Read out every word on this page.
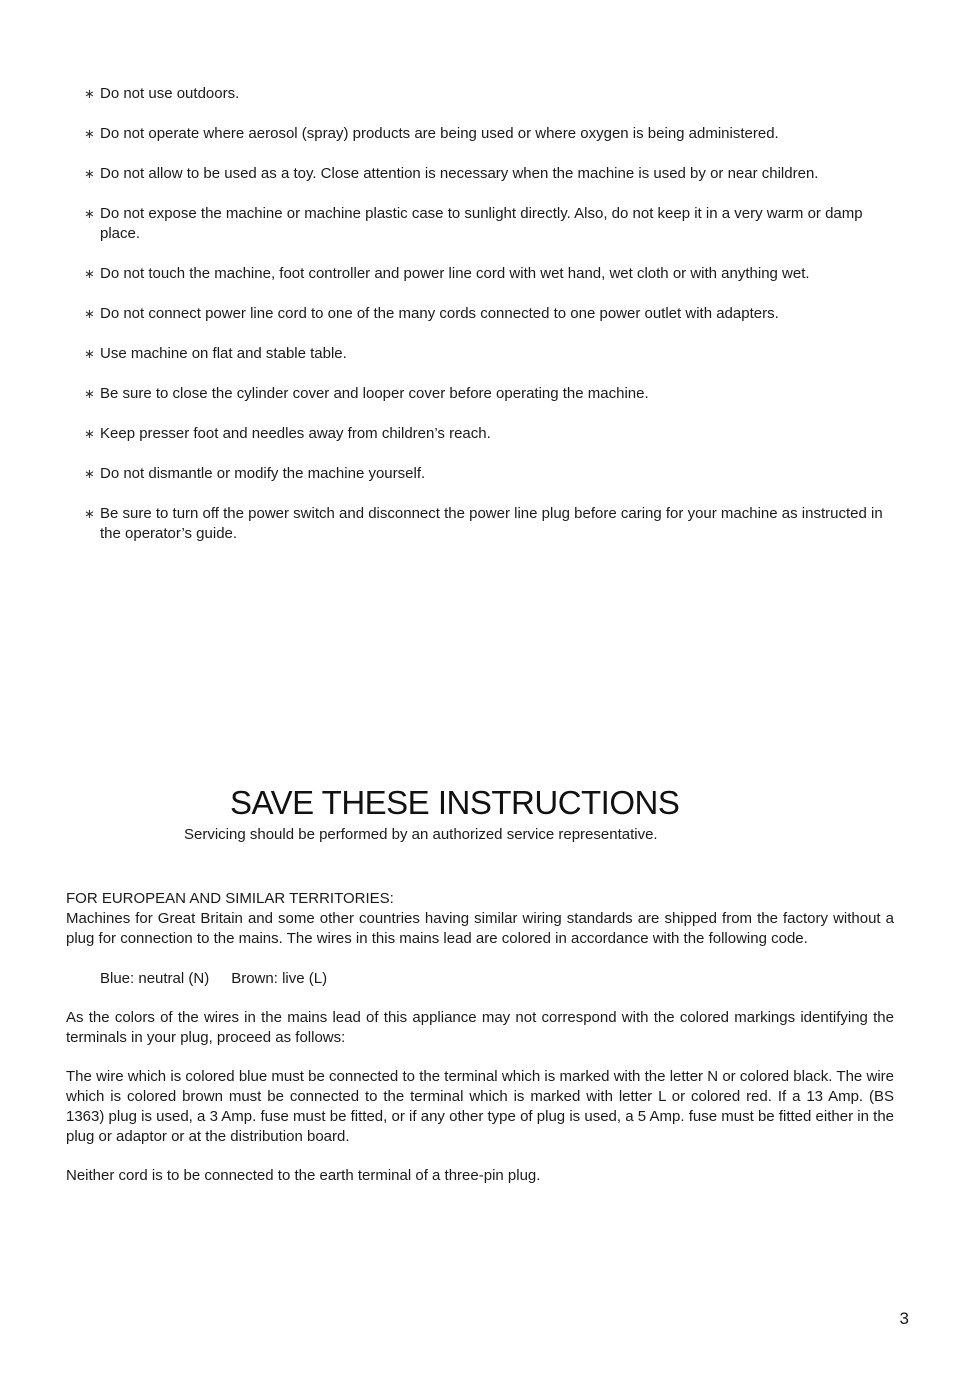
∗ Do not use outdoors.
∗ Do not operate where aerosol (spray) products are being used or where oxygen is being administered.
∗ Do not allow to be used as a toy. Close attention is necessary when the machine is used by or near children.
∗ Do not expose the machine or machine plastic case to sunlight directly. Also, do not keep it in a very warm or damp place.
∗ Do not touch the machine, foot controller and power line cord with wet hand, wet cloth or with anything wet.
∗ Do not connect power line cord to one of the many cords connected to one power outlet with adapters.
∗ Use machine on flat and stable table.
∗ Be sure to close the cylinder cover and looper cover before operating the machine.
∗ Keep presser foot and needles away from children’s reach.
∗ Do not dismantle or modify the machine yourself.
∗ Be sure to turn off the power switch and disconnect the power line plug before caring for your machine as instructed in the operator’s guide.
SAVE THESE INSTRUCTIONS

Servicing should be performed by an authorized service representative.

FOR EUROPEAN AND SIMILAR TERRITORIES:

Machines for Great Britain and some other countries having similar wiring standards are shipped from the factory without a plug for connection to the mains. The wires in this mains lead are colored in accordance with the following code.

Blue: neutral (N) Brown: live (L)

As the colors of the wires in the mains lead of this appliance may not correspond with the colored markings identifying the terminals in your plug, proceed as follows:

The wire which is colored blue must be connected to the terminal which is marked with the letter N or colored black. The wire which is colored brown must be connected to the terminal which is marked with letter L or colored red. If a 13 Amp. (BS 1363) plug is used, a 3 Amp. fuse must be fitted, or if any other type of plug is used, a 5 Amp. fuse must be fitted either in the plug or adaptor or at the distribution board.

Neither cord is to be connected to the earth terminal of a three-pin plug.

3
